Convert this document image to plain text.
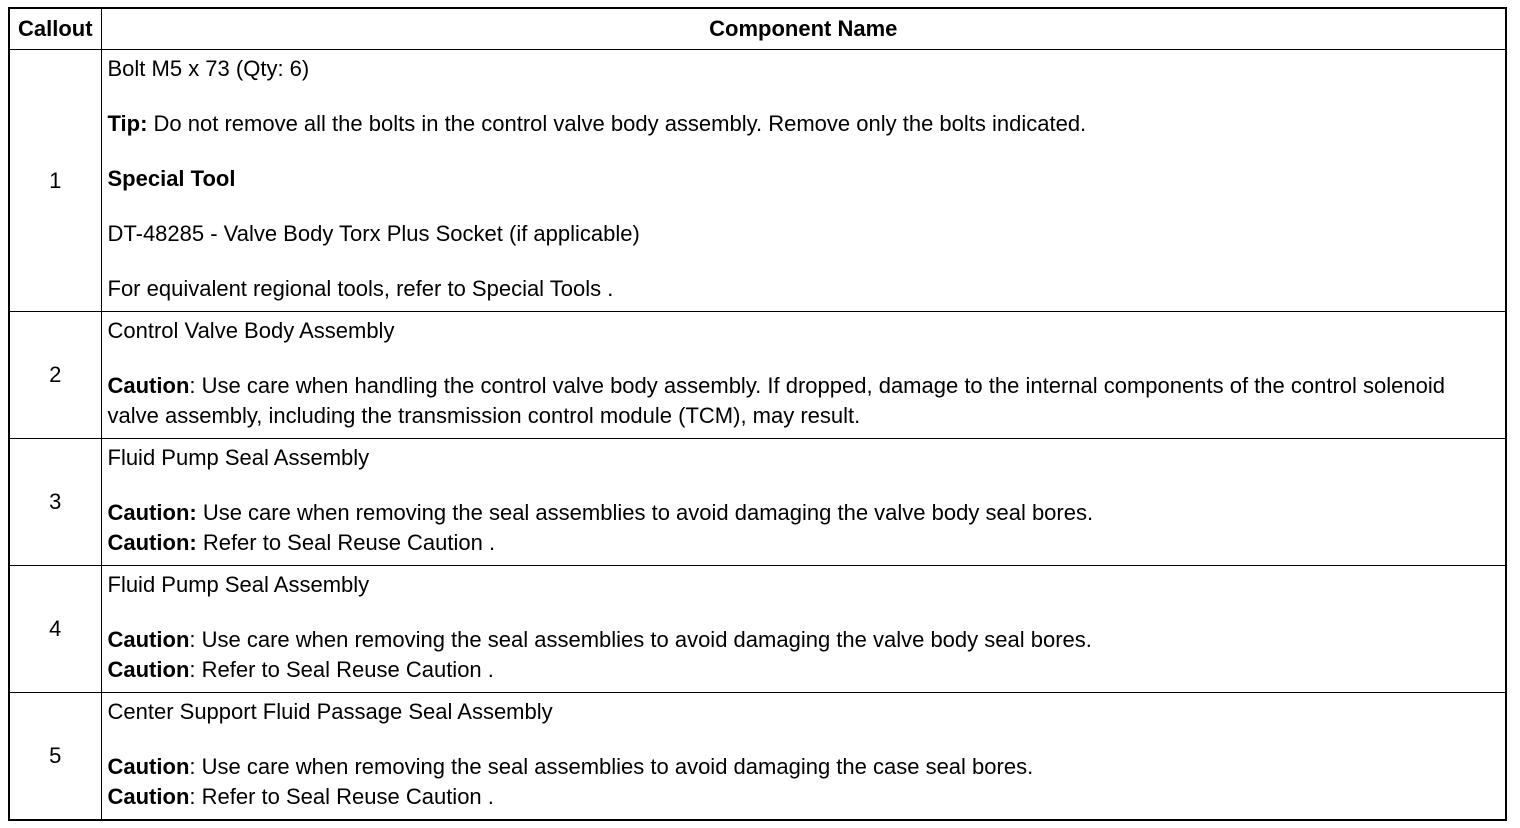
Callout	Component Name
1	Bolt M5 x 73 (Qty: 6)

Tip: Do not remove all the bolts in the control valve body assembly. Remove only the bolts indicated.

Special Tool

DT-48285 - Valve Body Torx Plus Socket (if applicable)

For equivalent regional tools, refer to Special Tools .

2	Control Valve Body Assembly

Caution: Use care when handling the control valve body assembly. If dropped, damage to the internal components of the control solenoid valve assembly, including the transmission control module (TCM), may result.

3	Fluid Pump Seal Assembly

Caution: Use care when removing the seal assemblies to avoid damaging the valve body seal bores.

Caution: Refer to Seal Reuse Caution .

4	Fluid Pump Seal Assembly

Caution: Use care when removing the seal assemblies to avoid damaging the valve body seal bores.

Caution: Refer to Seal Reuse Caution .

5	Center Support Fluid Passage Seal Assembly

Caution: Use care when removing the seal assemblies to avoid damaging the case seal bores.

Caution: Refer to Seal Reuse Caution .
